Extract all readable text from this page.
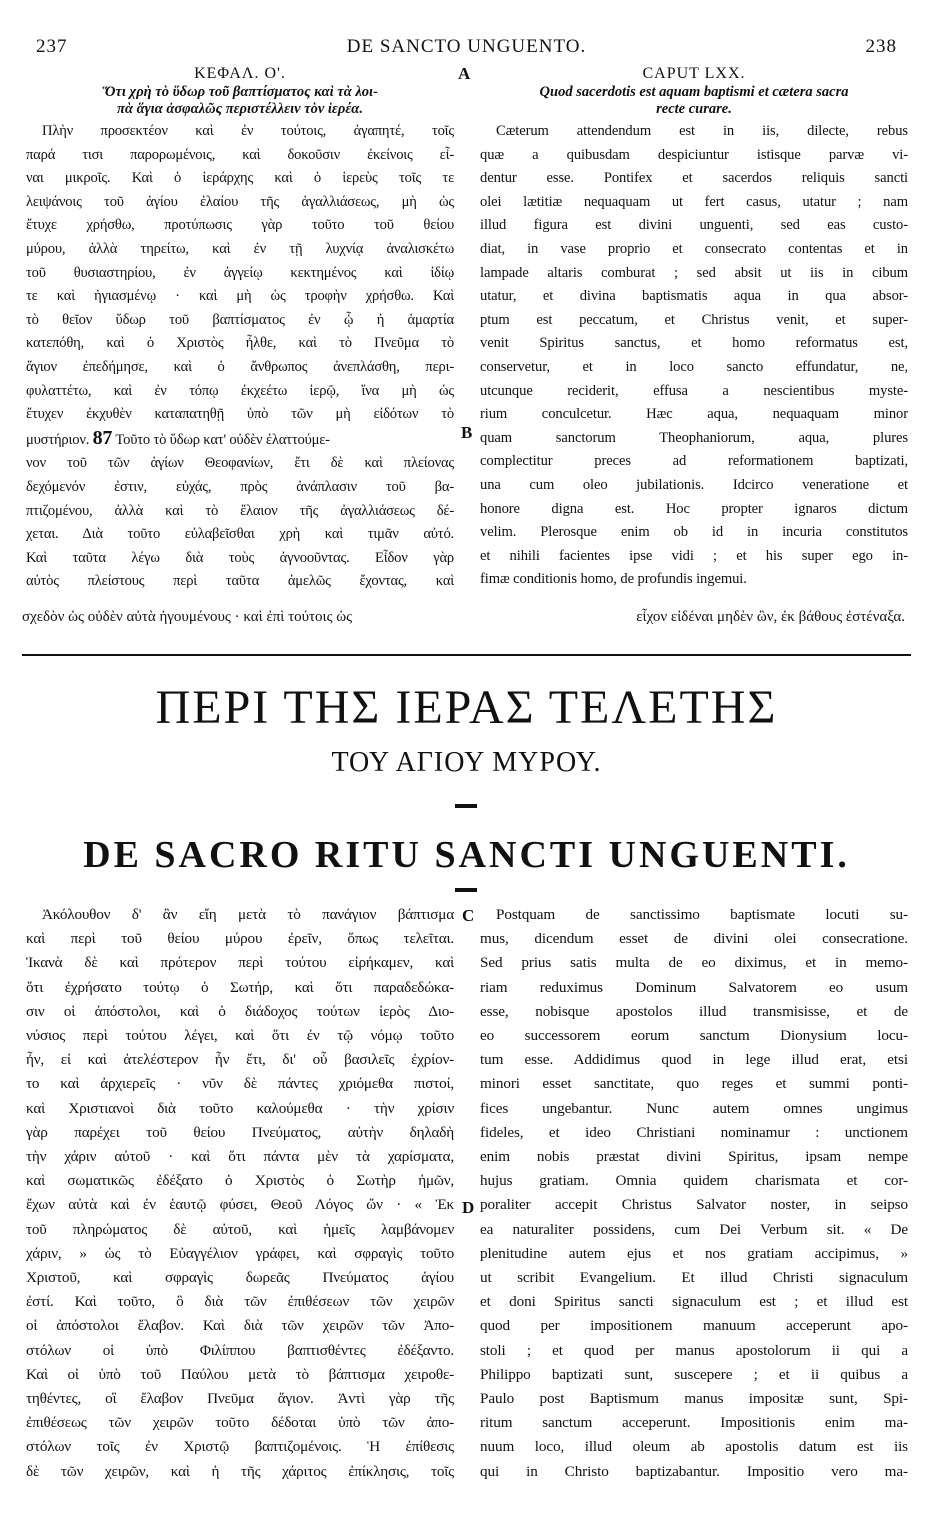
237	DE SANCTO UNGUENTO.	238
A
B
C
D

ΚΕΦΑΛ. Ο'.

Ὅτι χρὴ τὸ ὕδωρ τοῦ βαπτίσματος καὶ τὰ λοι-

πὰ ἅγια ἀσφαλῶς περιστέλλειν τὸν ἱερέα.

Πλὴν προσεκτέον καὶ ἐν τούτοις, ἀγαπητέ, τοῖς
παρά τισι παρορωμένοις, καὶ δοκοῦσιν ἐκείνοις εἶ-
ναι μικροῖς. Καὶ ὁ ἱεράρχης καὶ ὁ ἱερεὺς τοῖς τε
λειψάνοις τοῦ ἁγίου ἐλαίου τῆς ἀγαλλιάσεως, μὴ ὡς
ἔτυχε χρήσθω, προτύπωσις γὰρ τοῦτο τοῦ θείου
μύρου, ἀλλὰ τηρείτω, καὶ ἐν τῇ λυχνίᾳ ἀναλισκέτω
τοῦ θυσιαστηρίου, ἐν ἀγγείῳ κεκτημένος καὶ ἰδίῳ
τε καὶ ἡγιασμένῳ · καὶ μὴ ὡς τροφὴν χρήσθω. Καὶ
τὸ θεῖον ὕδωρ τοῦ βαπτίσματος ἐν ᾧ ἡ ἁμαρτία
κατεπόθη, καὶ ὁ Χριστὸς ἦλθε, καὶ τὸ Πνεῦμα τὸ
ἅγιον ἐπεδήμησε, καὶ ὁ ἄνθρωπος ἀνεπλάσθη, περι-
φυλαττέτω, καὶ ἐν τόπῳ ἐκχεέτω ἱερῷ, ἵνα μὴ ὡς
ἔτυχεν ἐκχυθὲν καταπατηθῇ ὑπὸ τῶν μὴ εἰδότων τὸ
μυστήριον. 87 Τοῦτο τὸ ὕδωρ κατ' οὐδὲν ἐλαττούμε-
νον τοῦ τῶν ἁγίων Θεοφανίων, ἔτι δὲ καὶ πλείονας
δεχόμενόν ἐστιν, εὐχάς, πρὸς ἀνάπλασιν τοῦ βα-
πτιζομένου, ἀλλὰ καὶ τὸ ἔλαιον τῆς ἀγαλλιάσεως δέ-
χεται. Διὰ τοῦτο εὐλαβεῖσθαι χρὴ καὶ τιμᾶν αὐτό.
Καὶ ταῦτα λέγω διὰ τοὺς ἀγνοοῦντας. Εἶδον γὰρ
αὐτὸς πλείστους περὶ ταῦτα ἀμελῶς ἔχοντας, καὶ

CAPUT LXX.

Quod sacerdotis est aquam baptismi et cætera sacra

recte curare.

Cæterum attendendum est in iis, dilecte, rebus
quæ a quibusdam despiciuntur istisque parvæ vi-
dentur esse. Pontifex et sacerdos reliquis sancti
olei lætitiæ nequaquam ut fert casus, utatur ; nam
illud figura est divini unguenti, sed eas custo-
diat, in vase proprio et consecrato contentas et in
lampade altaris comburat ; sed absit ut iis in cibum
utatur, et divina baptismatis aqua in qua absor-
ptum est peccatum, et Christus venit, et super-
venit Spiritus sanctus, et homo reformatus est,
conservetur, et in loco sancto effundatur, ne,
utcunque reciderit, effusa a nescientibus myste-
rium conculcetur. Hæc aqua, nequaquam minor
quam sanctorum Theophaniorum, aqua, plures
complectitur preces ad reformationem baptizati,
una cum oleo jubilationis. Idcirco veneratione et
honore digna est. Hoc propter ignaros dictum
velim. Plerosque enim ob id in incuria constitutos
et nihili facientes ipse vidi ; et his super ego in-
fimæ conditionis homo, de profundis ingemui.
σχεδὸν ὡς οὐδὲν αὐτὰ ἡγουμένους · καὶ ἐπὶ τούτοις ὡς	εἶχον εἰδέναι μηδὲν ὢν, ἐκ βάθους ἐστέναξα.
ΠΕΡΙ ΤΗΣ ΙΕΡΑΣ ΤΕΛΕΤΗΣ
ΤΟΥ ΑΓΙΟΥ ΜΥΡΟΥ.
DE SACRO RITU SANCTI UNGUENTI.
Ἀκόλουθον δ' ἂν εἴη μετὰ τὸ πανάγιον βάπτισμα
καὶ περὶ τοῦ θείου μύρου ἐρεῖν, ὅπως τελεῖται.
Ἱκανὰ δὲ καὶ πρότερον περὶ τούτου εἰρήκαμεν, καὶ
ὅτι ἐχρήσατο τούτῳ ὁ Σωτήρ, καὶ ὅτι παραδεδώκα-
σιν οἱ ἀπόστολοι, καὶ ὁ διάδοχος τούτων ἱερὸς Διο-
νύσιος περὶ τούτου λέγει, καὶ ὅτι ἐν τῷ νόμῳ τοῦτο
ἦν, εἰ καὶ ἀτελέστερον ἦν ἔτι, δι' οὗ βασιλεῖς ἐχρίον-
το καὶ ἀρχιερεῖς · νῦν δὲ πάντες χριόμεθα πιστοί,
καὶ Χριστιανοὶ διὰ τοῦτο καλούμεθα · τὴν χρίσιν
γὰρ παρέχει τοῦ θείου Πνεύματος, αὐτὴν δηλαδὴ
τὴν χάριν αὐτοῦ · καὶ ὅτι πάντα μὲν τὰ χαρίσματα,
καὶ σωματικῶς ἐδέξατο ὁ Χριστὸς ὁ Σωτὴρ ἡμῶν,
ἔχων αὐτὰ καὶ ἐν ἑαυτῷ φύσει, Θεοῦ Λόγος ὤν · « Ἐκ
τοῦ πληρώματος δὲ αὐτοῦ, καὶ ἡμεῖς λαμβάνομεν
χάριν, » ὡς τὸ Εὐαγγέλιον γράφει, καὶ σφραγὶς τοῦτο
Χριστοῦ, καὶ σφραγὶς δωρεᾶς Πνεύματος ἁγίου
ἐστί. Καὶ τοῦτο, ὃ διὰ τῶν ἐπιθέσεων τῶν χειρῶν
οἱ ἀπόστολοι ἔλαβον. Καὶ διὰ τῶν χειρῶν τῶν Ἀπο-
στόλων οἱ ὑπὸ Φιλίππου βαπτισθέντες ἐδέξαντο.
Καὶ οἱ ὑπὸ τοῦ Παύλου μετὰ τὸ βάπτισμα χειροθε-
τηθέντες, οἳ ἔλαβον Πνεῦμα ἅγιον. Ἀντὶ γὰρ τῆς
ἐπιθέσεως τῶν χειρῶν τοῦτο δέδοται ὑπὸ τῶν ἀπο-
στόλων τοῖς ἐν Χριστῷ βαπτιζομένοις. Ἡ ἐπίθεσις
δὲ τῶν χειρῶν, καὶ ἡ τῆς χάριτος ἐπίκλησις, τοῖς
Postquam de sanctissimo baptismate locuti su-
mus, dicendum esset de divini olei consecratione.
Sed prius satis multa de eo diximus, et in memo-
riam reduximus Dominum Salvatorem eo usum
esse, nobisque apostolos illud transmisisse, et de
eo successorem eorum sanctum Dionysium locu-
tum esse. Addidimus quod in lege illud erat, etsi
minori esset sanctitate, quo reges et summi ponti-
fices ungebantur. Nunc autem omnes ungimus
fideles, et ideo Christiani nominamur : unctionem
enim nobis præstat divini Spiritus, ipsam nempe
hujus gratiam. Omnia quidem charismata et cor-
poraliter accepit Christus Salvator noster, in seipso
ea naturaliter possidens, cum Dei Verbum sit. « De
plenitudine autem ejus et nos gratiam accipimus, »
ut scribit Evangelium. Et illud Christi signaculum
et doni Spiritus sancti signaculum est ; et illud est
quod per impositionem manuum acceperunt apo-
stoli ; et quod per manus apostolorum ii qui a
Philippo baptizati sunt, suscepere ; et ii quibus a
Paulo post Baptismum manus impositæ sunt, Spi-
ritum sanctum acceperunt. Impositionis enim ma-
nuum loco, illud oleum ab apostolis datum est iis
qui in Christo baptizabantur. Impositio vero ma-
